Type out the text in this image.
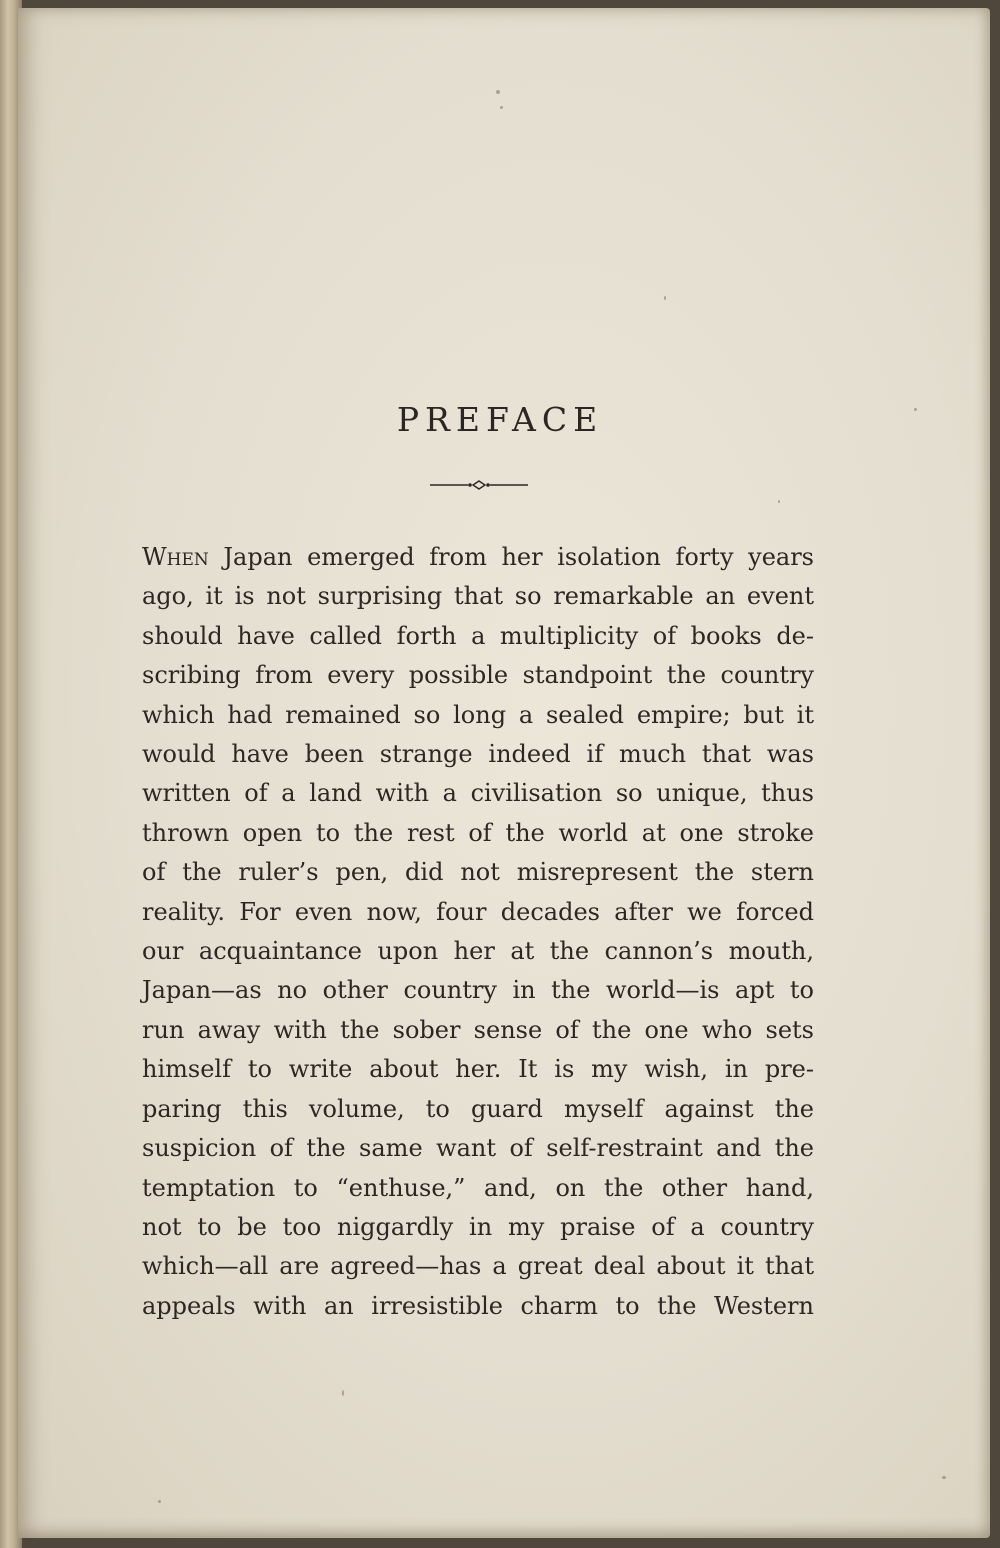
PREFACE
When Japan emerged from her isolation forty years
ago, it is not surprising that so remarkable an event
should have called forth a multiplicity of books de-
scribing from every possible standpoint the country
which had remained so long a sealed empire; but it
would have been strange indeed if much that was
written of a land with a civilisation so unique, thus
thrown open to the rest of the world at one stroke
of the ruler’s pen, did not misrepresent the stern
reality. For even now, four decades after we forced
our acquaintance upon her at the cannon’s mouth,
Japan—as no other country in the world—is apt to
run away with the sober sense of the one who sets
himself to write about her. It is my wish, in pre-
paring this volume, to guard myself against the
suspicion of the same want of self-restraint and the
temptation to “enthuse,” and, on the other hand,
not to be too niggardly in my praise of a country
which—all are agreed—has a great deal about it that
appeals with an irresistible charm to the Western
